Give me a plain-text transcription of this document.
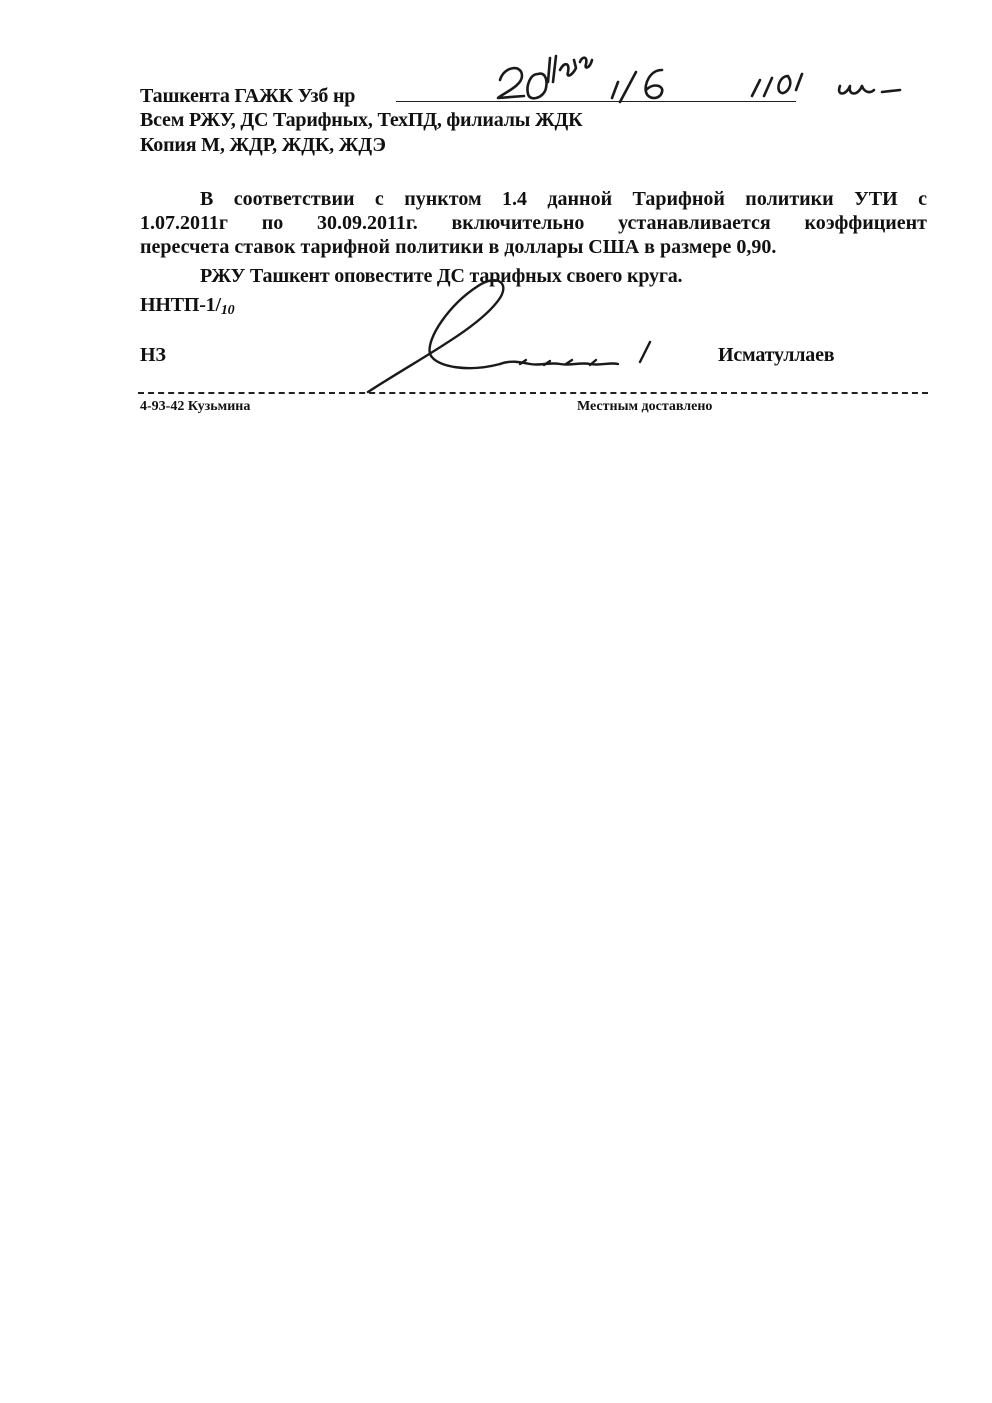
Ташкента ГАЖК Узб нр
Всем РЖУ, ДС Тарифных, ТехПД, филиалы ЖДК
Копия М, ЖДР, ЖДК, ЖДЭ
В соответствии с пунктом 1.4 данной Тарифной политики УТИ с
1.07.2011г по 30.09.2011г. включительно устанавливается коэффициент
пересчета ставок тарифной политики в доллары США в размере 0,90.
РЖУ Ташкент оповестите ДС тарифных своего круга.
ННТП-1/10
НЗ	Исматуллаев
4-93-42 Кузьмина	Местным доставлено
